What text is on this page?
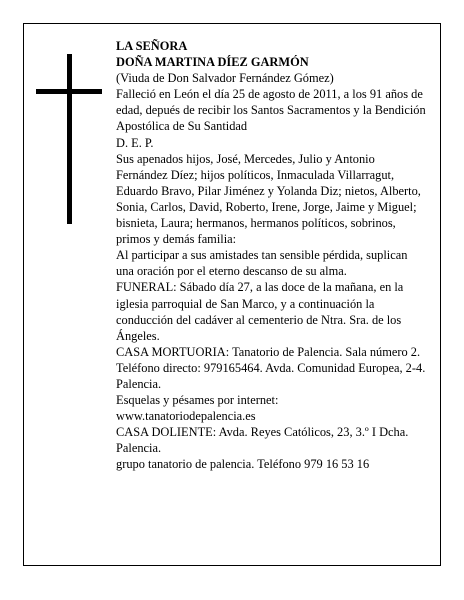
LA SEÑORA

DOÑA MARTINA DÍEZ GARMÓN

(Viuda de Don Salvador Fernández Gómez)

Falleció en León el día 25 de agosto de 2011, a los 91 años de edad, depués de recibir los Santos Sacramentos y la Bendición Apostólica de Su Santidad

D. E. P.

Sus apenados hijos, José, Mercedes, Julio y Antonio Fernández Díez; hijos políticos, Inmaculada Villarragut, Eduardo Bravo, Pilar Jiménez y Yolanda Diz; nietos, Alberto, Sonia, Carlos, David, Roberto, Irene, Jorge, Jaime y Miguel; bisnieta, Laura; hermanos, hermanos políticos, sobrinos, primos y demás familia:

Al participar a sus amistades tan sensible pérdida, suplican una oración por el eterno descanso de su alma.

FUNERAL: Sábado día 27, a las doce de la mañana, en la iglesia parroquial de San Marco, y a continuación la conducción del cadáver al cementerio de Ntra. Sra. de los Ángeles.

CASA MORTUORIA: Tanatorio de Palencia. Sala número 2. Teléfono directo: 979165464. Avda. Comunidad Europea, 2-4. Palencia.

Esquelas y pésames por internet:

www.tanatoriodepalencia.es

CASA DOLIENTE: Avda. Reyes Católicos, 23, 3.º I Dcha. Palencia.

grupo tanatorio de palencia. Teléfono 979 16 53 16
